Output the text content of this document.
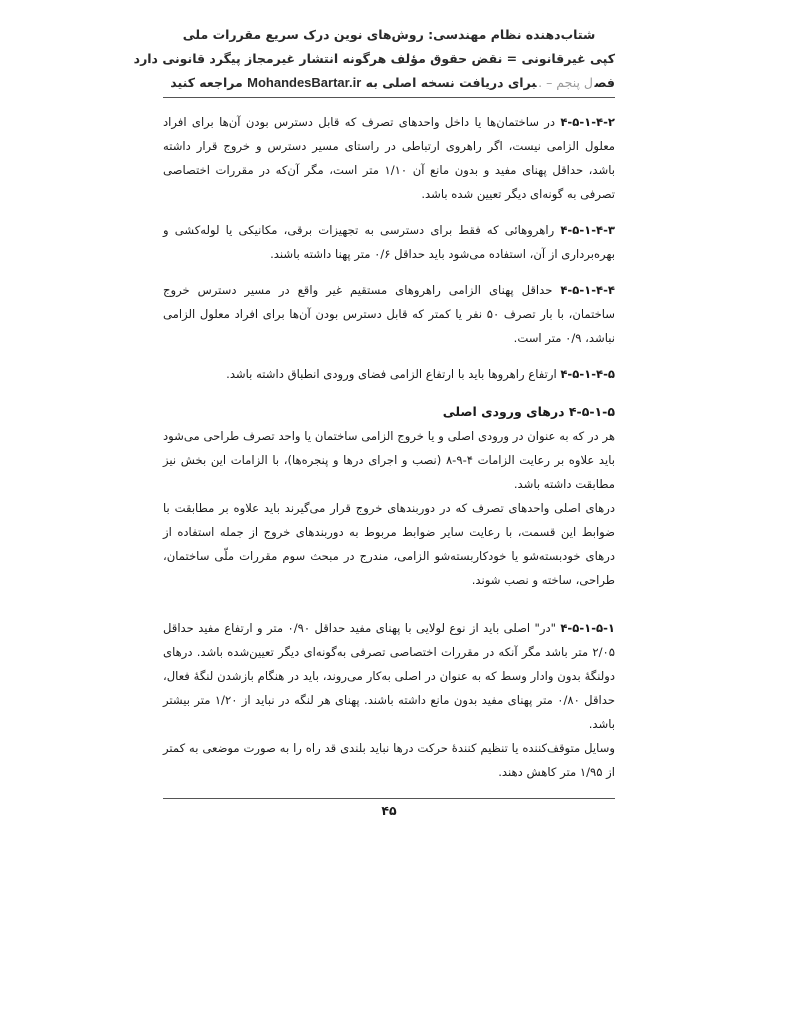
شتاب‌دهنده نظام مهندسی: روش‌های نوین درک سریع مقررات ملی
کپی غیرقانونی = نقض حقوق مؤلف هرگونه انتشار غیرمجاز پیگرد قانونی دارد
فص
ل پنجم – ...
برای دریافت نسخه اصلی به MohandesBartar.ir مراجعه کنید

۴-۵-۱-۴-۲ در ساختمان‌ها یا داخل واحدهای تصرف که قابل دسترس بودن آن‌ها برای افراد معلول الزامی نیست، اگر راهروی ارتباطی در راستای مسیر دسترس و خروج قرار داشته باشد، حداقل پهنای مفید و بدون مانع آن ۱/۱۰ متر است، مگر آن‌که در مقررات اختصاصی تصرفی به گونه‌ای دیگر تعیین شده باشد.

۴-۵-۱-۴-۳ راهروهائی که فقط برای دسترسی به تجهیزات برقی، مکانیکی یا لوله‌کشی و بهره‌برداری از آن، استفاده می‌شود باید حداقل ۰/۶ متر پهنا داشته باشند.

۴-۵-۱-۴-۴ حداقل پهنای الزامی راهروهای مستقیم غیر واقع در مسیر دسترس خروج ساختمان، با بار تصرف ۵۰ نفر یا کمتر که قابل دسترس بودن آن‌ها برای افراد معلول الزامی نباشد، ۰/۹ متر است.

۴-۵-۱-۴-۵ ارتفاع راهروها باید با ارتفاع الزامی فضای ورودی انطباق داشته باشد.

۴-۵-۱-۵ درهای ورودی اصلی

هر در که به عنوان در ورودی اصلی و یا خروج الزامی ساختمان یا واحد تصرف طراحی می‌شود باید علاوه بر رعایت الزامات ۴-۹-۸ (نصب و اجرای درها و پنجره‌ها)، با الزامات این بخش نیز مطابقت داشته باشد.

درهای اصلی واحدهای تصرف که در دوربندهای خروج قرار می‌گیرند باید علاوه بر مطابقت با ضوابط این قسمت، با رعایت سایر ضوابط مربوط به دوربندهای خروج از جمله استفاده از درهای خودبسته‌شو یا خودکاربسته‌شو الزامی، مندرج در مبحث سوم مقررات ملّی ساختمان، طراحی، ساخته و نصب شوند.

۴-۵-۱-۵-۱ "در" اصلی باید از نوع لولایی با پهنای مفید حداقل ۰/۹۰ متر و ارتفاع مفید حداقل ۲/۰۵ متر باشد مگر آنکه در مقررات اختصاصی تصرفی به‌گونه‌ای دیگر تعیین‌شده باشد. درهای دولنگهٔ بدون وادار وسط که به عنوان در اصلی به‌کار می‌روند، باید در هنگام بازشدن لنگهٔ فعال، حداقل ۰/۸۰ متر پهنای مفید بدون مانع داشته باشند. پهنای هر لنگه در نباید از ۱/۲۰ متر بیشتر باشد.

وسایل متوقف‌کننده یا تنظیم کنندهٔ حرکت درها نباید بلندی قد راه را به صورت موضعی به کمتر از ۱/۹۵ متر کاهش دهند.

۴۵
